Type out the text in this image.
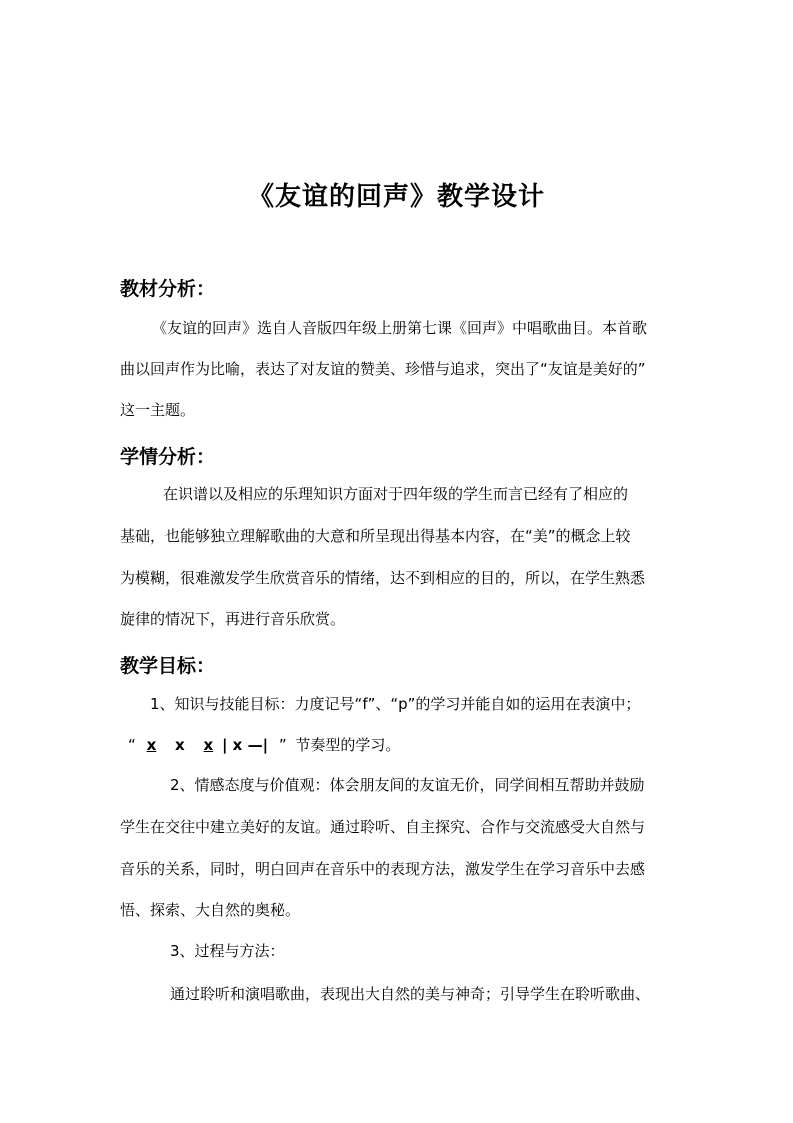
《友谊的回声》教学设计
教材分析：
《友谊的回声》选自人音版四年级上册第七课《回声》中唱歌曲目。本首歌
曲以回声作为比喻，表达了对友谊的赞美、珍惜与追求，突出了“友谊是美好的”
这一主题。
学情分析：
在识谱以及相应的乐理知识方面对于四年级的学生而言已经有了相应的
基础，也能够独立理解歌曲的大意和所呈现出得基本内容，在“美”的概念上较
为模糊，很难激发学生欣赏音乐的情绪，达不到相应的目的，所以，在学生熟悉
旋律的情况下，再进行音乐欣赏。
教学目标：
1、知识与技能目标：力度记号“f”、“p”的学习并能自如的运用在表演中；
“ x x x | x —| ” 节奏型的学习。
2、情感态度与价值观：体会朋友间的友谊无价，同学间相互帮助并鼓励
学生在交往中建立美好的友谊。通过聆听、自主探究、合作与交流感受大自然与
音乐的关系，同时，明白回声在音乐中的表现方法，激发学生在学习音乐中去感
悟、探索、大自然的奥秘。
3、过程与方法：
通过聆听和演唱歌曲，表现出大自然的美与神奇；引导学生在聆听歌曲、
